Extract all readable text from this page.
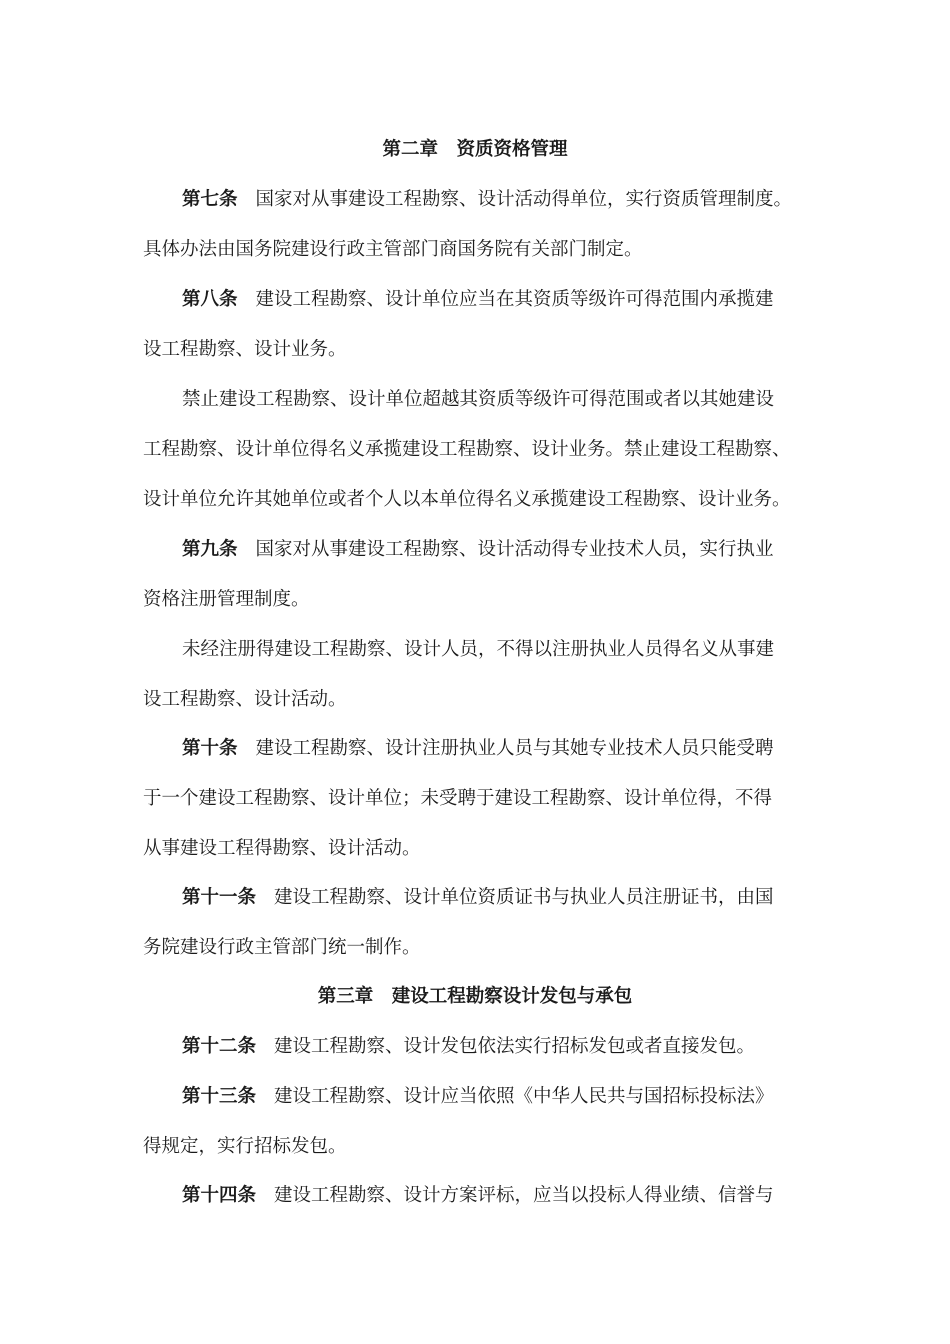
第二章　资质资格管理
第七条 国家对从事建设工程勘察、设计活动得单位，实行资质管理制度。
具体办法由国务院建设行政主管部门商国务院有关部门制定。
第八条 建设工程勘察、设计单位应当在其资质等级许可得范围内承揽建
设工程勘察、设计业务。
禁止建设工程勘察、设计单位超越其资质等级许可得范围或者以其她建设
工程勘察、设计单位得名义承揽建设工程勘察、设计业务。禁止建设工程勘察、
设计单位允许其她单位或者个人以本单位得名义承揽建设工程勘察、设计业务。
第九条 国家对从事建设工程勘察、设计活动得专业技术人员，实行执业
资格注册管理制度。
未经注册得建设工程勘察、设计人员，不得以注册执业人员得名义从事建
设工程勘察、设计活动。
第十条 建设工程勘察、设计注册执业人员与其她专业技术人员只能受聘
于一个建设工程勘察、设计单位；未受聘于建设工程勘察、设计单位得，不得
从事建设工程得勘察、设计活动。
第十一条 建设工程勘察、设计单位资质证书与执业人员注册证书，由国
务院建设行政主管部门统一制作。
第三章　建设工程勘察设计发包与承包
第十二条 建设工程勘察、设计发包依法实行招标发包或者直接发包。
第十三条 建设工程勘察、设计应当依照《中华人民共与国招标投标法》
得规定，实行招标发包。
第十四条 建设工程勘察、设计方案评标，应当以投标人得业绩、信誉与
